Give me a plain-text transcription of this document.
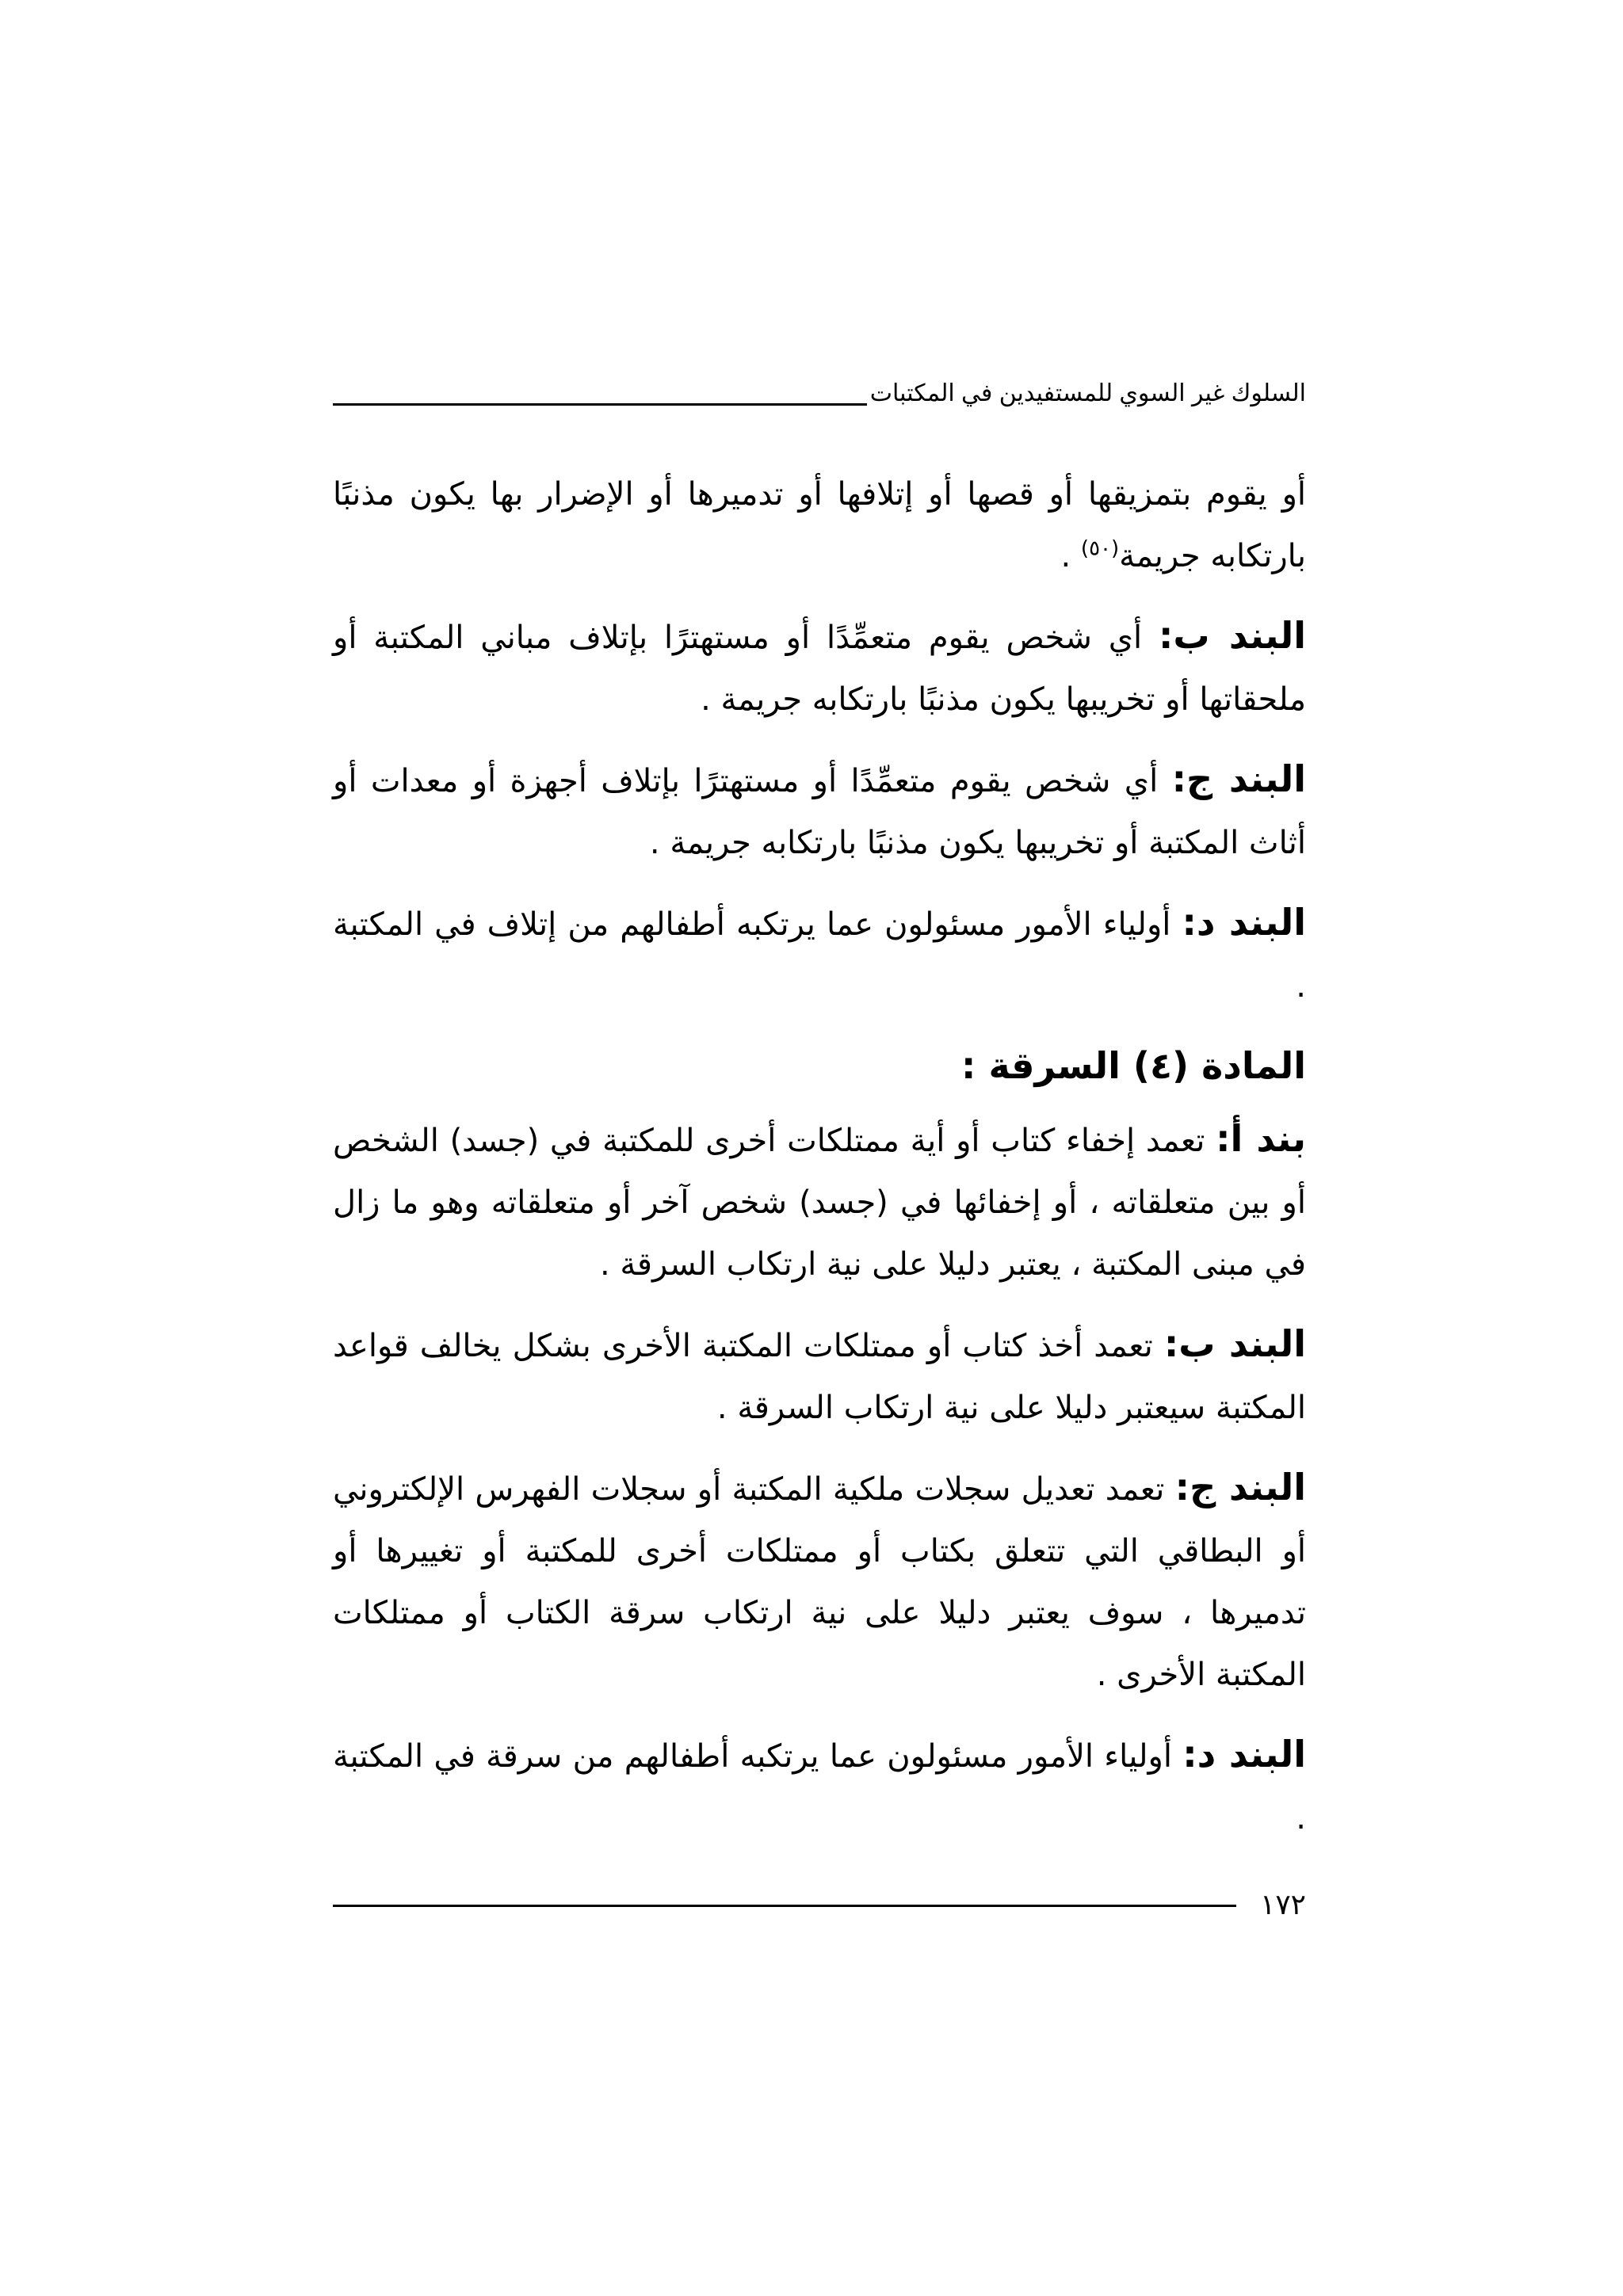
السلوك غير السوي للمستفيدين في المكتبات

أو يقوم بتمزيقها أو قصها أو إتلافها أو تدميرها أو الإضرار بها يكون مذنبًا بارتكابه جريمة$^{(٥٠)}$ .

البند ب: أي شخص يقوم متعمِّدًا أو مستهترًا بإتلاف مباني المكتبة أو ملحقاتها أو تخريبها يكون مذنبًا بارتكابه جريمة .

البند ج: أي شخص يقوم متعمِّدًا أو مستهترًا بإتلاف أجهزة أو معدات أو أثاث المكتبة أو تخريبها يكون مذنبًا بارتكابه جريمة .

البند د: أولياء الأمور مسئولون عما يرتكبه أطفالهم من إتلاف في المكتبة .

المادة (٤) السرقة :

بند أ: تعمد إخفاء كتاب أو أية ممتلكات أخرى للمكتبة في (جسد) الشخص أو بين متعلقاته ، أو إخفائها في (جسد) شخص آخر أو متعلقاته وهو ما زال في مبنى المكتبة ، يعتبر دليلا على نية ارتكاب السرقة .

البند ب: تعمد أخذ كتاب أو ممتلكات المكتبة الأخرى بشكل يخالف قواعد المكتبة سيعتبر دليلا على نية ارتكاب السرقة .

البند ج: تعمد تعديل سجلات ملكية المكتبة أو سجلات الفهرس الإلكتروني أو البطاقي التي تتعلق بكتاب أو ممتلكات أخرى للمكتبة أو تغييرها أو تدميرها ، سوف يعتبر دليلا على نية ارتكاب سرقة الكتاب أو ممتلكات المكتبة الأخرى .

البند د: أولياء الأمور مسئولون عما يرتكبه أطفالهم من سرقة في المكتبة .

١٧٢
